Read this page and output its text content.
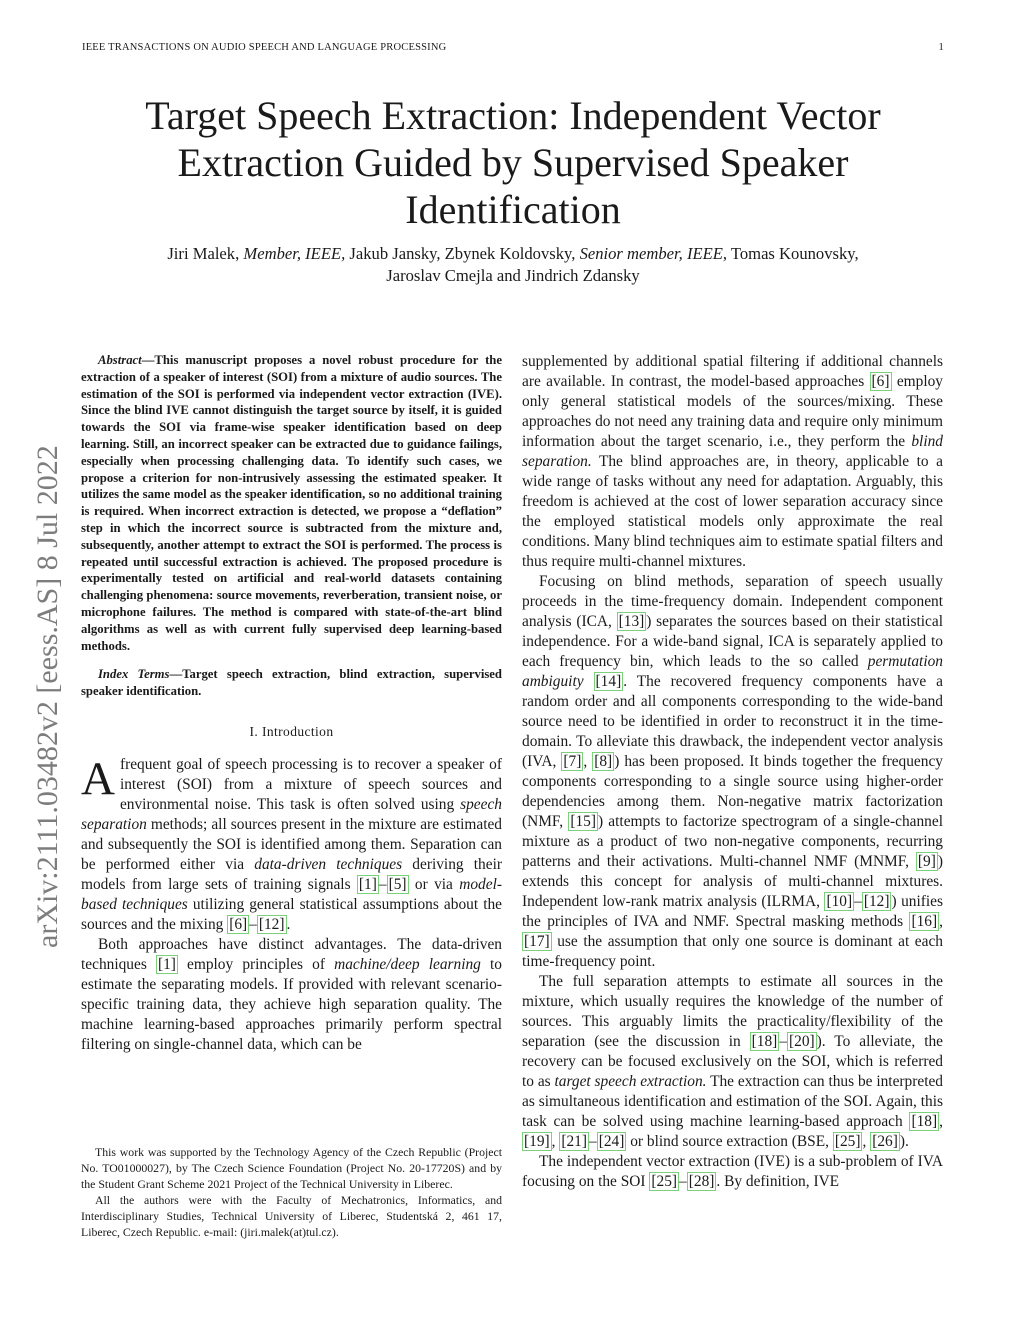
IEEE TRANSACTIONS ON AUDIO SPEECH AND LANGUAGE PROCESSING	1
Target Speech Extraction: Independent Vector
Extraction Guided by Supervised Speaker
Identification
Jiri Malek, Member, IEEE, Jakub Jansky, Zbynek Koldovsky, Senior member, IEEE, Tomas Kounovsky,
Jaroslav Cmejla and Jindrich Zdansky
arXiv:2111.03482v2 [eess.AS] 8 Jul 2022

Abstract—This manuscript proposes a novel robust procedure for the extraction of a speaker of interest (SOI) from a mixture of audio sources. The estimation of the SOI is performed via independent vector extraction (IVE). Since the blind IVE cannot distinguish the target source by itself, it is guided towards the SOI via frame-wise speaker identification based on deep learning. Still, an incorrect speaker can be extracted due to guidance failings, especially when processing challenging data. To identify such cases, we propose a criterion for non-intrusively assessing the estimated speaker. It utilizes the same model as the speaker identification, so no additional training is required. When incorrect extraction is detected, we propose a “deflation” step in which the incorrect source is subtracted from the mixture and, subsequently, another attempt to extract the SOI is performed. The process is repeated until successful extraction is achieved. The proposed procedure is experimentally tested on artificial and real-world datasets containing challenging phenomena: source movements, reverberation, transient noise, or microphone failures. The method is compared with state-of-the-art blind algorithms as well as with current fully supervised deep learning-based methods.

Index Terms—Target speech extraction, blind extraction, supervised speaker identification.

I. Introduction

Afrequent goal of speech processing is to recover a speaker of interest (SOI) from a mixture of speech sources and environmental noise. This task is often solved using speech separation methods; all sources present in the mixture are estimated and subsequently the SOI is identified among them. Separation can be performed either via data-driven techniques deriving their models from large sets of training signals [1] – [5] or via model-based techniques utilizing general statistical assumptions about the sources and the mixing [6] – [12] .

Both approaches have distinct advantages. The data-driven techniques [1] employ principles of machine/deep learning to estimate the separating models. If provided with relevant scenario-specific training data, they achieve high separation quality. The machine learning-based approaches primarily perform spectral filtering on single-channel data, which can be

This work was supported by the Technology Agency of the Czech Republic (Project No. TO01000027), by The Czech Science Foundation (Project No. 20-17720S) and by the Student Grant Scheme 2021 Project of the Technical University in Liberec.

All the authors were with the Faculty of Mechatronics, Informatics, and Interdisciplinary Studies, Technical University of Liberec, Studentská 2, 461 17, Liberec, Czech Republic. e-mail: (jiri.malek(at)tul.cz).

supplemented by additional spatial filtering if additional channels are available. In contrast, the model-based approaches [6] employ only general statistical models of the sources/mixing. These approaches do not need any training data and require only minimum information about the target scenario, i.e., they perform the blind separation. The blind approaches are, in theory, applicable to a wide range of tasks without any need for adaptation. Arguably, this freedom is achieved at the cost of lower separation accuracy since the employed statistical models only approximate the real conditions. Many blind techniques aim to estimate spatial filters and thus require multi-channel mixtures.

Focusing on blind methods, separation of speech usually proceeds in the time-frequency domain. Independent component analysis (ICA, [13] ) separates the sources based on their statistical independence. For a wide-band signal, ICA is separately applied to each frequency bin, which leads to the so called permutation ambiguity [14] . The recovered frequency components have a random order and all components corresponding to the wide-band source need to be identified in order to reconstruct it in the time-domain. To alleviate this drawback, the independent vector analysis (IVA, [7] , [8] ) has been proposed. It binds together the frequency components corresponding to a single source using higher-order dependencies among them. Non-negative matrix factorization (NMF, [15] ) attempts to factorize spectrogram of a single-channel mixture as a product of two non-negative components, recurring patterns and their activations. Multi-channel NMF (MNMF, [9] ) extends this concept for analysis of multi-channel mixtures. Independent low-rank matrix analysis (ILRMA, [10] – [12] ) unifies the principles of IVA and NMF. Spectral masking methods [16] , [17] use the assumption that only one source is dominant at each time-frequency point.

The full separation attempts to estimate all sources in the mixture, which usually requires the knowledge of the number of sources. This arguably limits the practicality/flexibility of the separation (see the discussion in [18] – [20] ). To alleviate, the recovery can be focused exclusively on the SOI, which is referred to as target speech extraction. The extraction can thus be interpreted as simultaneous identification and estimation of the SOI. Again, this task can be solved using machine learning-based approach [18] , [19] , [21] – [24] or blind source extraction (BSE, [25] , [26] ).

The independent vector extraction (IVE) is a sub-problem of IVA focusing on the SOI [25] – [28] . By definition, IVE
